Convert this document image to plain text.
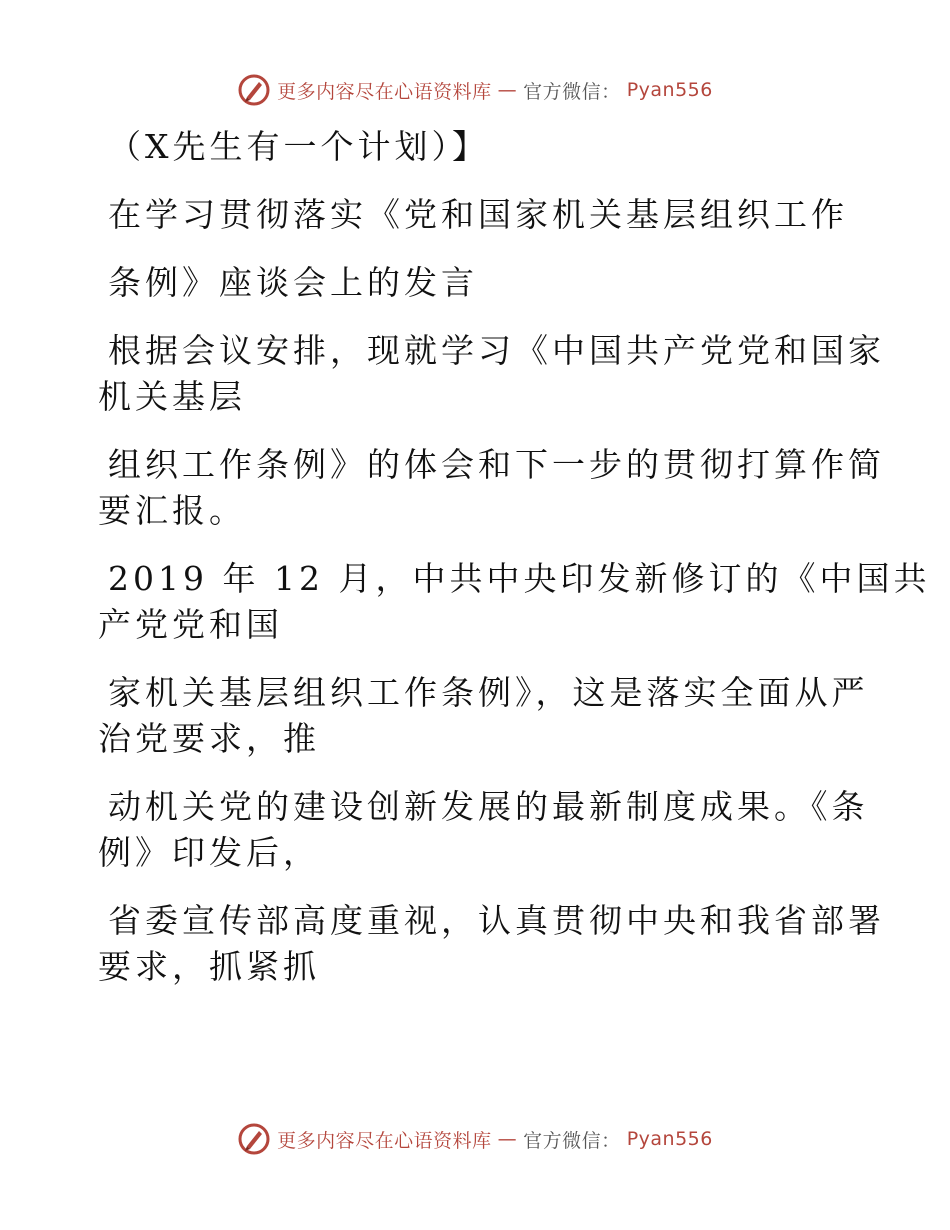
更多内容尽在心语资料库 — 官方微信： Pyan556

（X先生有一个计划）】

在学习贯彻落实《党和国家机关基层组织工作

条例》座谈会上的发言

根据会议安排，现就学习《中国共产党党和国家

机关基层

组织工作条例》的体会和下一步的贯彻打算作简

要汇报。

2019 年 12 月，中共中央印发新修订的《中国共

产党党和国

家机关基层组织工作条例》，这是落实全面从严

治党要求，推

动机关党的建设创新发展的最新制度成果。《条

例》印发后，

省委宣传部高度重视，认真贯彻中央和我省部署

要求，抓紧抓

更多内容尽在心语资料库 — 官方微信： Pyan556
